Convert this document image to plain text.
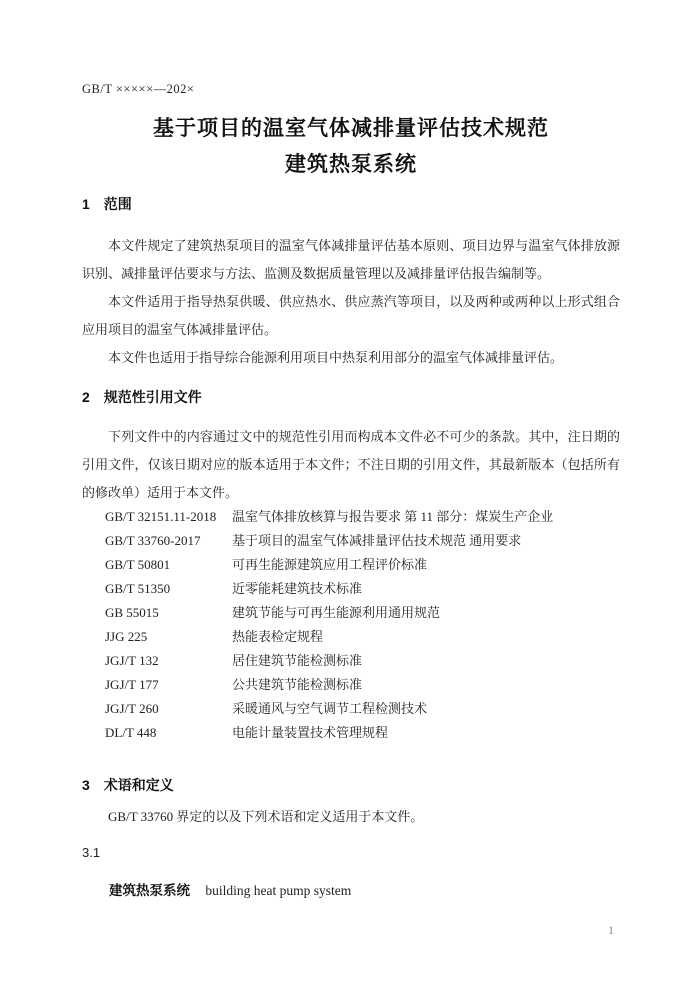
GB/T ×××××—202×
基于项目的温室气体减排量评估技术规范
建筑热泵系统
1 范围

本文件规定了建筑热泵项目的温室气体减排量评估基本原则、项目边界与温室气体排放源识别、减排量评估要求与方法、监测及数据质量管理以及减排量评估报告编制等。

本文件适用于指导热泵供暖、供应热水、供应蒸汽等项目，以及两种或两种以上形式组合应用项目的温室气体减排量评估。

本文件也适用于指导综合能源利用项目中热泵利用部分的温室气体减排量评估。

2 规范性引用文件

下列文件中的内容通过文中的规范性引用而构成本文件必不可少的条款。其中，注日期的引用文件，仅该日期对应的版本适用于本文件；不注日期的引用文件，其最新版本（包括所有的修改单）适用于本文件。

GB/T 32151.11-2018	温室气体排放核算与报告要求 第 11 部分：煤炭生产企业
GB/T 33760-2017	基于项目的温室气体减排量评估技术规范 通用要求
GB/T 50801	可再生能源建筑应用工程评价标准
GB/T 51350	近零能耗建筑技术标准
GB 55015	建筑节能与可再生能源利用通用规范
JJG 225	热能表检定规程
JGJ/T 132	居住建筑节能检测标准
JGJ/T 177	公共建筑节能检测标准
JGJ/T 260	采暖通风与空气调节工程检测技术
DL/T 448	电能计量装置技术管理规程
3 术语和定义

GB/T 33760 界定的以及下列术语和定义适用于本文件。

3.1
建筑热泵系统 building heat pump system
1
